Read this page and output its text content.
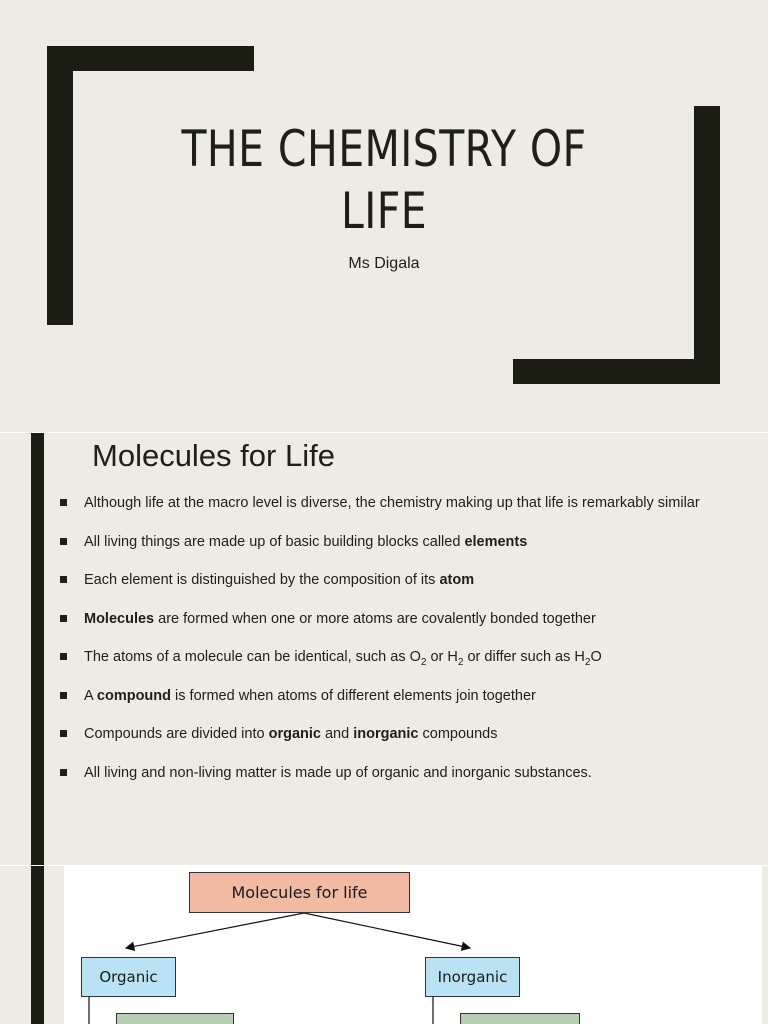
THE CHEMISTRY OF
LIFE
Ms Digala
Molecules for Life
Although life at the macro level is diverse, the chemistry making up that life is remarkably similar
All living things are made up of basic building blocks called elements
Each element is distinguished by the composition of its atom
Molecules are formed when one or more atoms are covalently bonded together
The atoms of a molecule can be identical, such as $O_2$ or $H_2$ or differ such as $H_2O$
A compound is formed when atoms of different elements join together
Compounds are divided into organic and inorganic compounds
All living and non-living matter is made up of organic and inorganic substances.
Molecules for life
Organic	Inorganic
